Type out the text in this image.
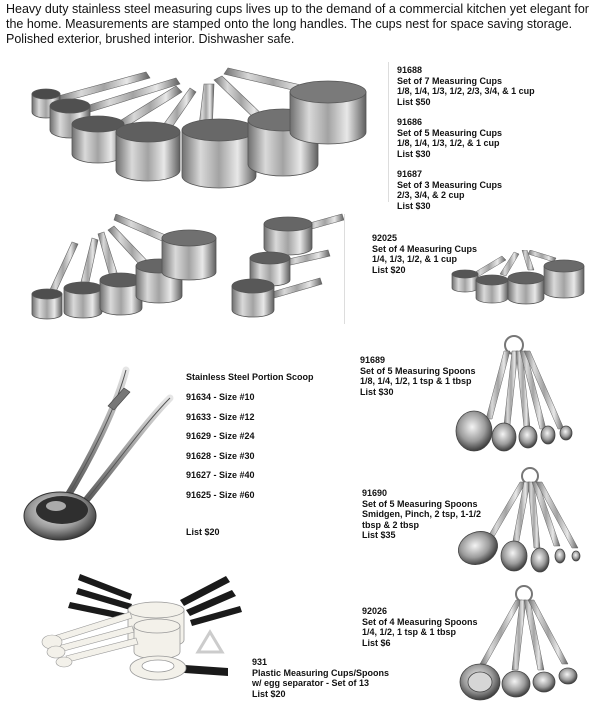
Heavy duty stainless steel measuring cups lives up to the demand of a commercial kitchen yet elegant for the home. Measurements are stamped onto the long handles. The cups nest for space saving storage. Polished exterior, brushed interior. Dishwasher safe.
91688
Set of 7 Measuring Cups
1/8, 1/4, 1/3, 1/2, 2/3, 3/4, & 1 cup
List $50
91686
Set of 5 Measuring Cups
1/8, 1/4, 1/3, 1/2, & 1 cup
List $30
91687
Set of 3 Measuring Cups
2/3, 3/4, & 2 cup
List $30
92025
Set of 4 Measuring Cups
1/4, 1/3, 1/2, & 1 cup
List $20
Stainless Steel Portion Scoop
91634 - Size #10
91633 - Size #12
91629 - Size #24
91628 - Size #30
91627 - Size #40
91625 - Size #60
List $20
91689
Set of 5 Measuring Spoons
1/8, 1/4, 1/2, 1 tsp & 1 tbsp
List $30
91690
Set of 5 Measuring Spoons
Smidgen, Pinch, 2 tsp, 1-1/2
tbsp & 2 tbsp
List $35
92026
Set of 4 Measuring Spoons
1/4, 1/2, 1 tsp & 1 tbsp
List $6
931
Plastic Measuring Cups/Spoons
w/ egg separator - Set of 13
List $20
